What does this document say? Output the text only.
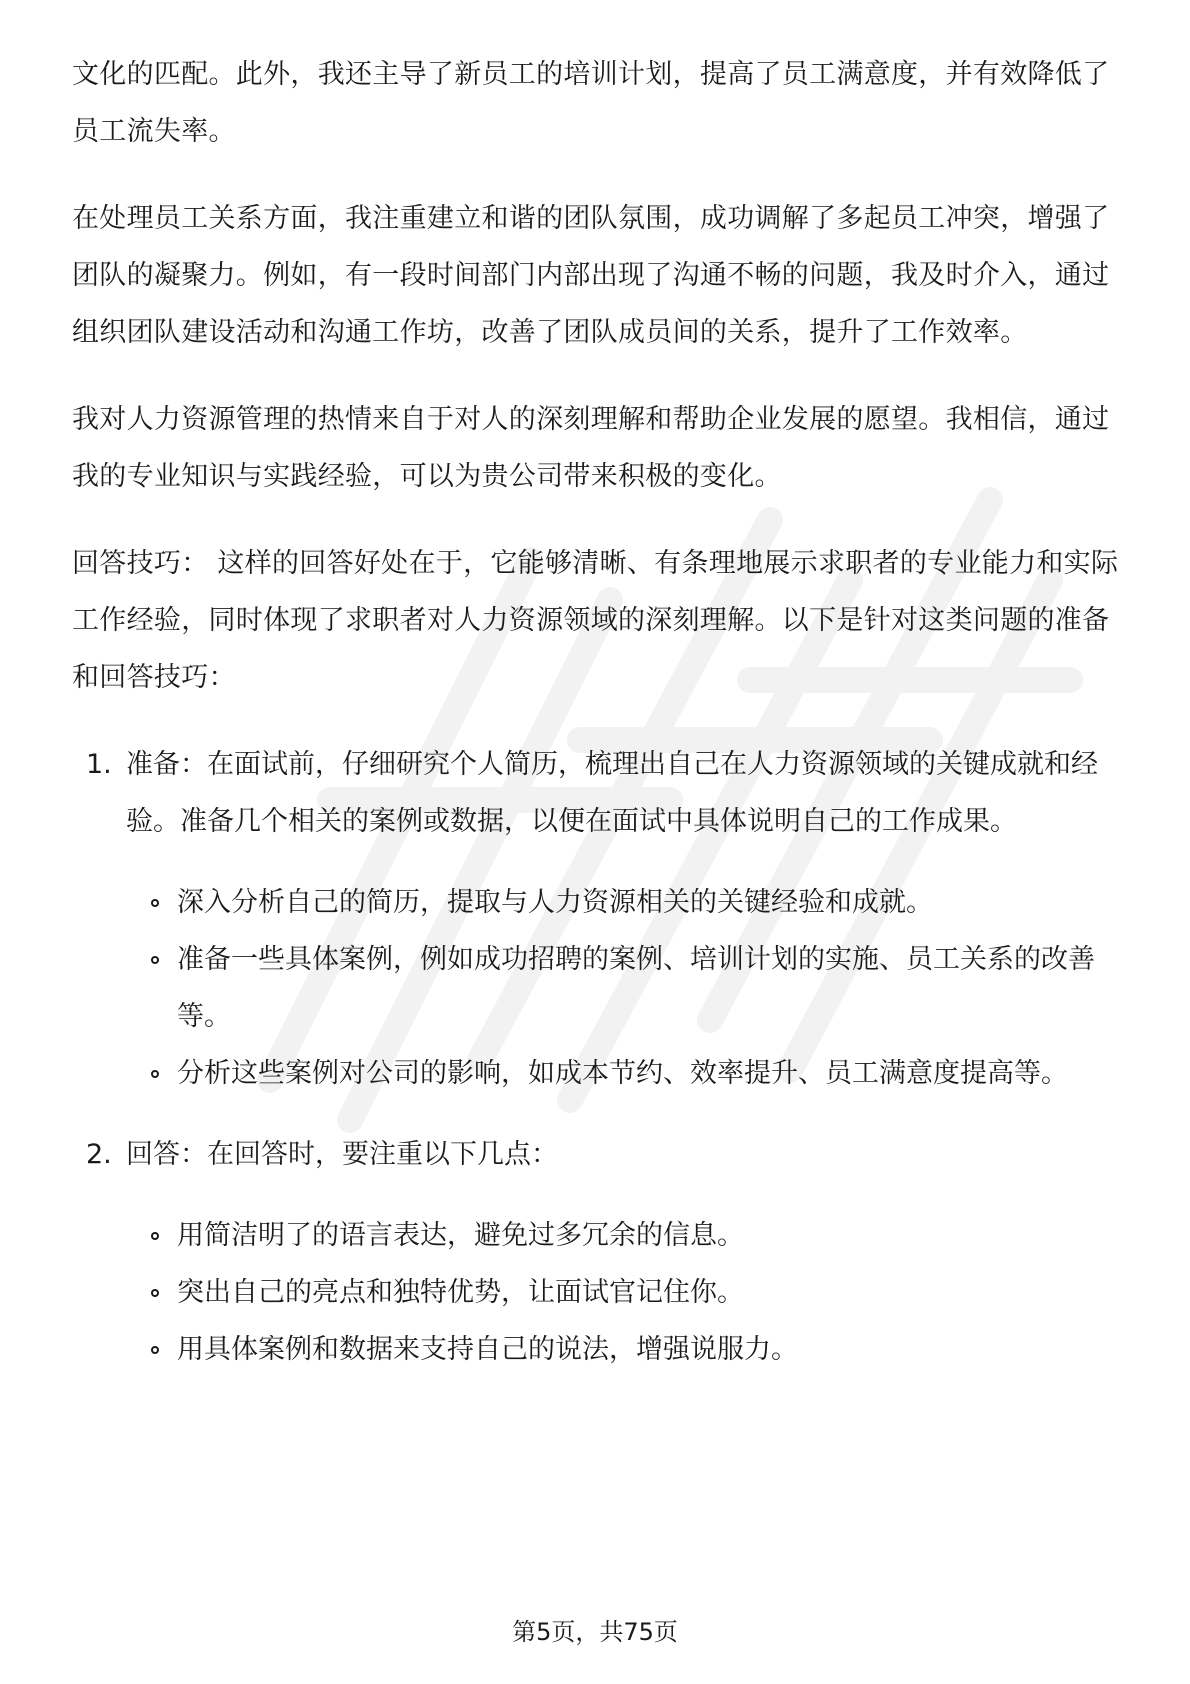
文化的匹配。此外，我还主导了新员工的培训计划，提高了员工满意度，并有效降低了员工流失率。

在处理员工关系方面，我注重建立和谐的团队氛围，成功调解了多起员工冲突，增强了团队的凝聚力。例如，有一段时间部门内部出现了沟通不畅的问题，我及时介入，通过组织团队建设活动和沟通工作坊，改善了团队成员间的关系，提升了工作效率。

我对人力资源管理的热情来自于对人的深刻理解和帮助企业发展的愿望。我相信，通过我的专业知识与实践经验，可以为贵公司带来积极的变化。

回答技巧： 这样的回答好处在于，它能够清晰、有条理地展示求职者的专业能力和实际工作经验，同时体现了求职者对人力资源领域的深刻理解。以下是针对这类问题的准备和回答技巧：

1. 准备：在面试前，仔细研究个人简历，梳理出自己在人力资源领域的关键成就和经验。准备几个相关的案例或数据，以便在面试中具体说明自己的工作成果。
深入分析自己的简历，提取与人力资源相关的关键经验和成就。
准备一些具体案例，例如成功招聘的案例、培训计划的实施、员工关系的改善等。
分析这些案例对公司的影响，如成本节约、效率提升、员工满意度提高等。
2. 回答：在回答时，要注重以下几点：
用简洁明了的语言表达，避免过多冗余的信息。
突出自己的亮点和独特优势，让面试官记住你。
用具体案例和数据来支持自己的说法，增强说服力。
第5页，共75页
